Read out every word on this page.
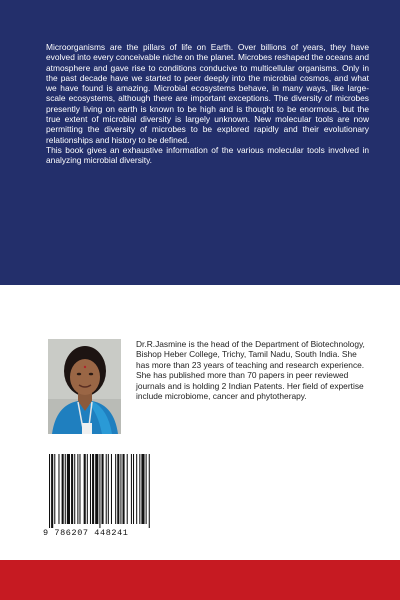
Microorganisms are the pillars of life on Earth. Over billions of years, they have evolved into every conceivable niche on the planet. Microbes reshaped the oceans and atmosphere and gave rise to conditions conducive to multicellular organisms. Only in the past decade have we started to peer deeply into the microbial cosmos, and what we have found is amazing. Microbial ecosystems behave, in many ways, like large-scale ecosystems, although there are important exceptions. The diversity of microbes presently living on earth is known to be high and is thought to be enormous, but the true extent of microbial diversity is largely unknown. New molecular tools are now permitting the diversity of microbes to be explored rapidly and their evolutionary relationships and history to be defined.

This book gives an exhaustive information of the various molecular tools involved in analyzing microbial diversity.

Dr.R.Jasmine is the head of the Department of Biotechnology, Bishop Heber College, Trichy, Tamil Nadu, South India. She has more than 23 years of teaching and research experience. She has published more than 70 papers in peer reviewed journals and is holding 2 Indian Patents. Her field of expertise include microbiome, cancer and phytotherapy.
9 786207 448241
